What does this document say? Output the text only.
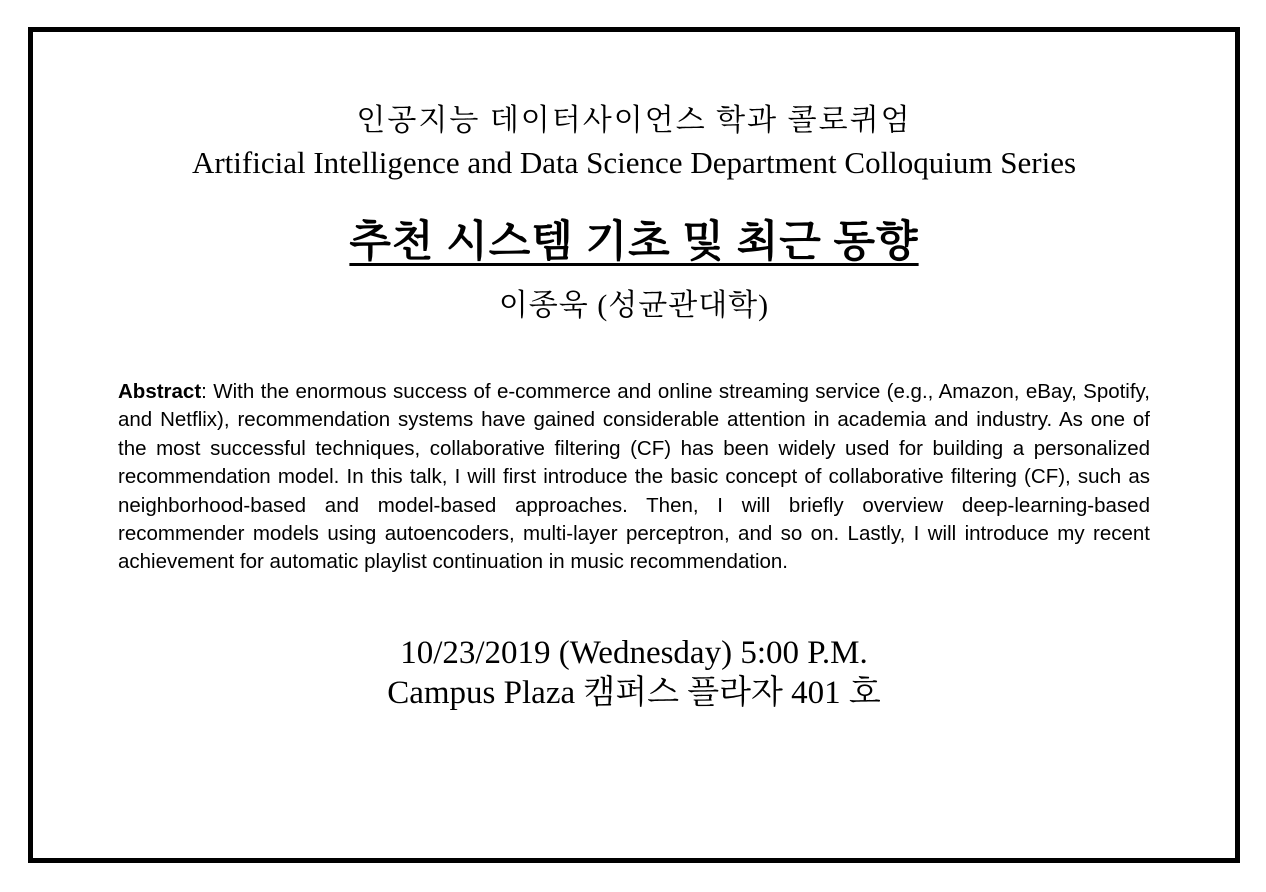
인공지능 데이터사이언스 학과 콜로퀴엄
Artificial Intelligence and Data Science Department Colloquium Series
추천 시스템 기초 및 최근 동향
이종욱 (성균관대학)
Abstract: With the enormous success of e-commerce and online streaming service (e.g., Amazon, eBay, Spotify, and Netflix), recommendation systems have gained considerable attention in academia and industry. As one of the most successful techniques, collaborative filtering (CF) has been widely used for building a personalized recommendation model. In this talk, I will first introduce the basic concept of collaborative filtering (CF), such as neighborhood-based and model-based approaches. Then, I will briefly overview deep-learning-based recommender models using autoencoders, multi-layer perceptron, and so on. Lastly, I will introduce my recent achievement for automatic playlist continuation in music recommendation.
10/23/2019 (Wednesday) 5:00 P.M.
Campus Plaza 캠퍼스 플라자 401 호
